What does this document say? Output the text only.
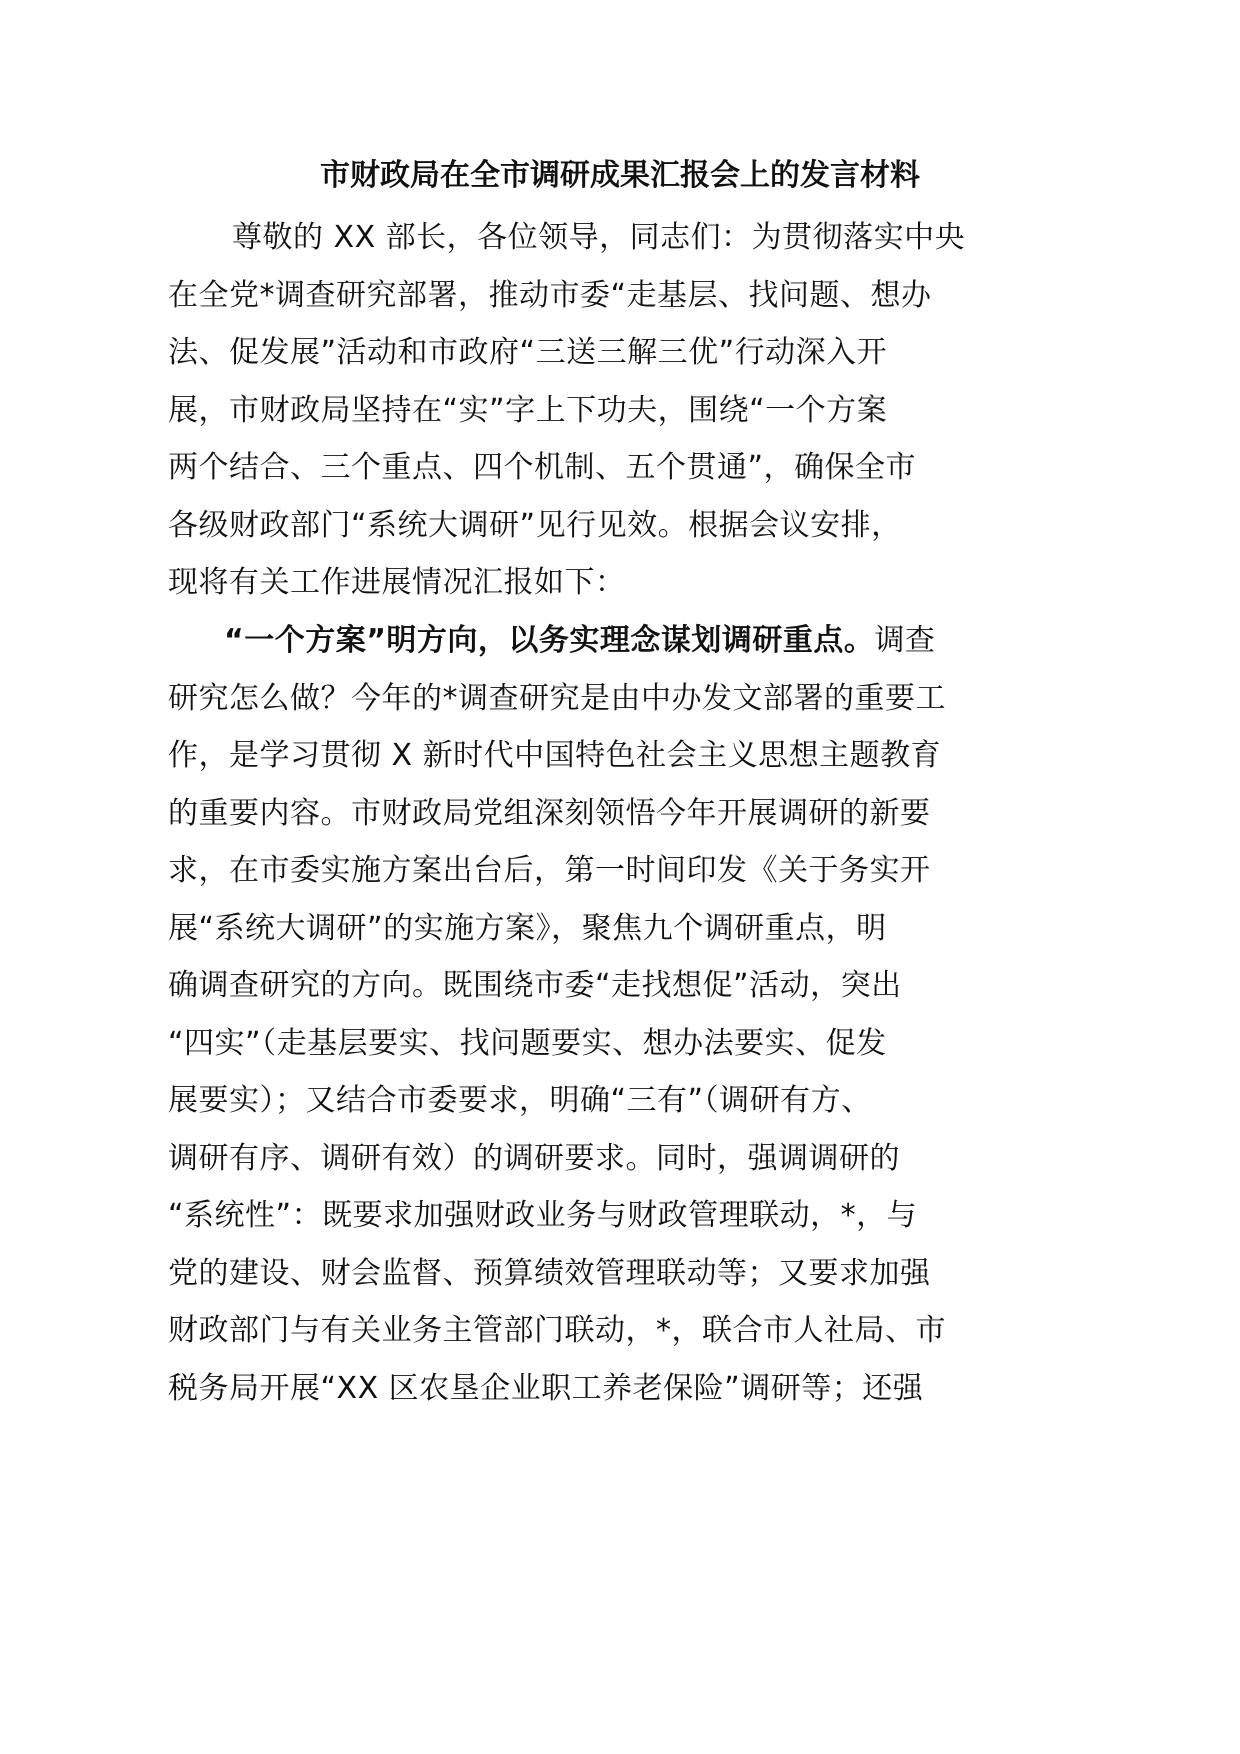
市财政局在全市调研成果汇报会上的发言材料
尊敬的 XX 部长，各位领导，同志们：为贯彻落实中央
在全党*调查研究部署，推动市委“走基层、找问题、想办
法、促发展”活动和市政府“三送三解三优”行动深入开
展，市财政局坚持在“实”字上下功夫，围绕“一个方案
两个结合、三个重点、四个机制、五个贯通”，确保全市
各级财政部门“系统大调研”见行见效。根据会议安排，
现将有关工作进展情况汇报如下：
“一个方案”明方向，以务实理念谋划调研重点。调查
研究怎么做？今年的*调查研究是由中办发文部署的重要工
作，是学习贯彻 X 新时代中国特色社会主义思想主题教育
的重要内容。市财政局党组深刻领悟今年开展调研的新要
求，在市委实施方案出台后，第一时间印发《关于务实开
展“系统大调研”的实施方案》，聚焦九个调研重点，明
确调查研究的方向。既围绕市委“走找想促”活动，突出
“四实”（走基层要实、找问题要实、想办法要实、促发
展要实）；又结合市委要求，明确“三有”（调研有方、
调研有序、调研有效）的调研要求。同时，强调调研的
“系统性”：既要求加强财政业务与财政管理联动，*，与
党的建设、财会监督、预算绩效管理联动等；又要求加强
财政部门与有关业务主管部门联动，*，联合市人社局、市
税务局开展“XX 区农垦企业职工养老保险”调研等；还强
